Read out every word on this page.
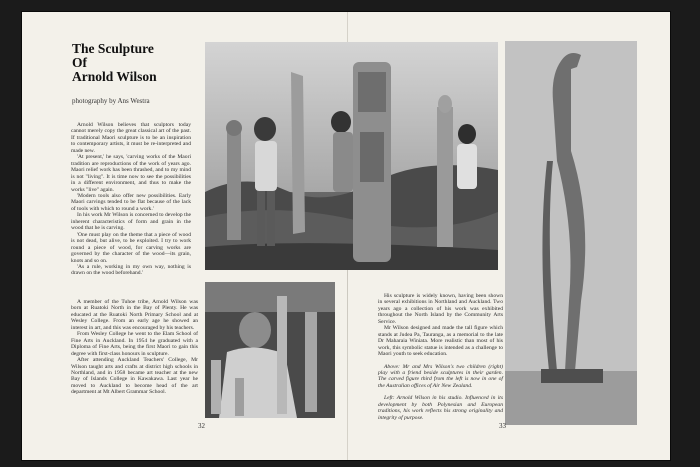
The Sculpture
Of
Arnold Wilson
photography by Ans Westra

Arnold Wilson believes that sculptors today cannot merely copy the great classical art of the past. If traditional Maori sculpture is to be an inspiration to contemporary artists, it must be re-interpreted and made new.

'At present,' he says, 'carving works of the Maori tradition are reproductions of the work of years ago. Maori relief work has been thrashed, and to my mind is not "living". It is time now to see the possibilities in a different environment, and thus to make the works "live" again.

'Modern tools also offer new possibilities. Early Maori carvings tended to be flat because of the lack of tools with which to round a work.'

In his work Mr Wilson is concerned to develop the inherent characteristics of form and grain in the wood that he is carving.

'One must play on the theme that a piece of wood is not dead, but alive, to be exploited. I try to work round a piece of wood, for carving works are governed by the character of the wood—its grain, knots and so on.

'As a rule, working in my own way, nothing is drawn on the wood beforehand.'

A member of the Tuhoe tribe, Arnold Wilson was born at Ruatoki North in the Bay of Plenty. He was educated at the Ruatoki North Primary School and at Wesley College. From an early age he showed an interest in art, and this was encouraged by his teachers.

From Wesley College he went to the Elam School of Fine Arts in Auckland. In 1954 he graduated with a Diploma of Fine Arts, being the first Maori to gain this degree with first-class honours in sculpture.

After attending Auckland Teachers' College, Mr Wilson taught arts and crafts at district high schools in Northland, and in 1958 became art teacher at the new Bay of Islands College in Kawakawa. Last year he moved to Auckland to become head of the art department at Mt Albert Grammar School.

His sculpture is widely known, having been shown in several exhibitions in Northland and Auckland. Two years ago a collection of his work was exhibited throughout the North Island by the Community Arts Service.

Mr Wilson designed and made the tall figure which stands at Judea Pa, Tauranga, as a memorial to the late Dr Maharaia Winiata. More realistic than most of his work, this symbolic statue is intended as a challenge to Maori youth to seek education.

Above: Mr and Mrs Wilson's two children (right) play with a friend beside sculptures in their garden. The carved figure third from the left is now in one of the Australian offices of Air New Zealand.

Left: Arnold Wilson in his studio. Influenced in its development by both Polynesian and European traditions, his work reflects his strong originality and integrity of purpose.

32	33
